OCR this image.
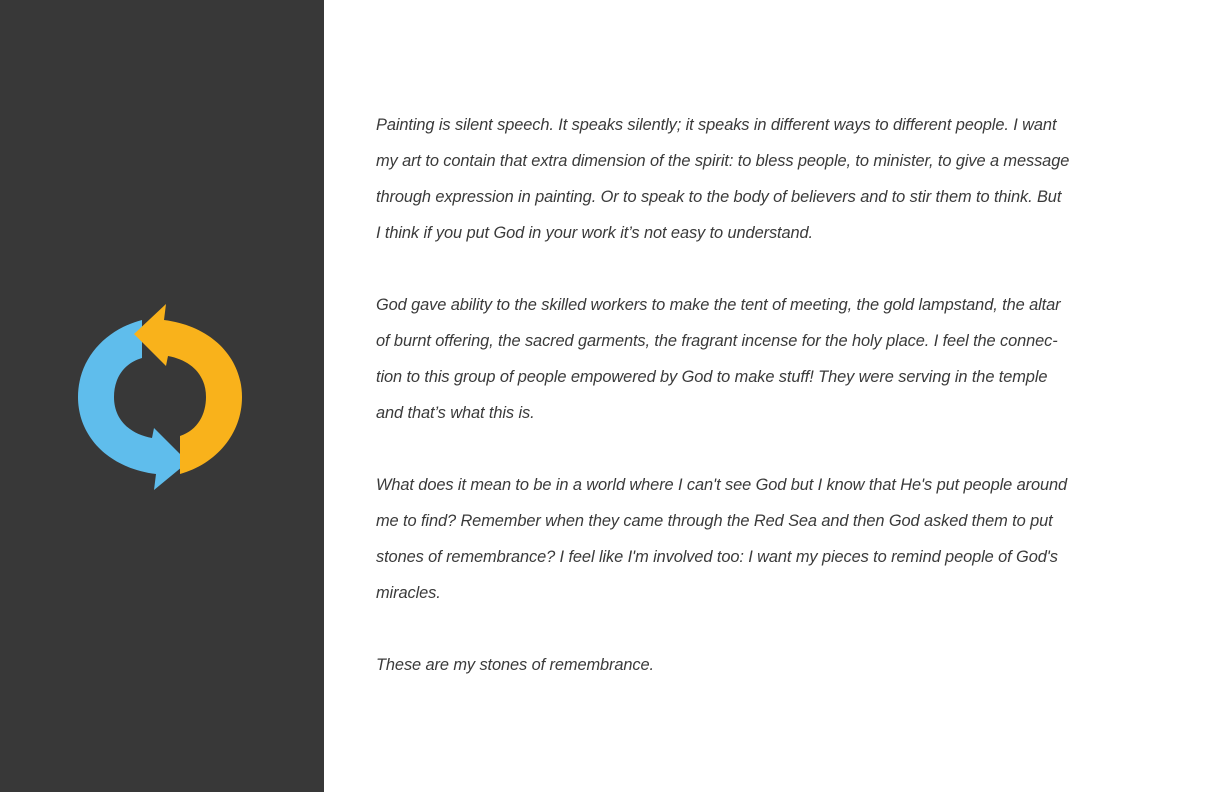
Painting is silent speech. It speaks silently; it speaks in different ways to different people. I want
my art to contain that extra dimension of the spirit: to bless people, to minister, to give a message
through expression in painting. Or to speak to the body of believers and to stir them to think. But
I think if you put God in your work it’s not easy to understand.

God gave ability to the skilled workers to make the tent of meeting, the gold lampstand, the altar
of burnt offering, the sacred garments, the fragrant incense for the holy place. I feel the connec-
tion to this group of people empowered by God to make stuff! They were serving in the temple
and that’s what this is.

What does it mean to be in a world where I can't see God but I know that He's put people around
me to find? Remember when they came through the Red Sea and then God asked them to put
stones of remembrance? I feel like I'm involved too: I want my pieces to remind people of God's
miracles.

These are my stones of remembrance.
